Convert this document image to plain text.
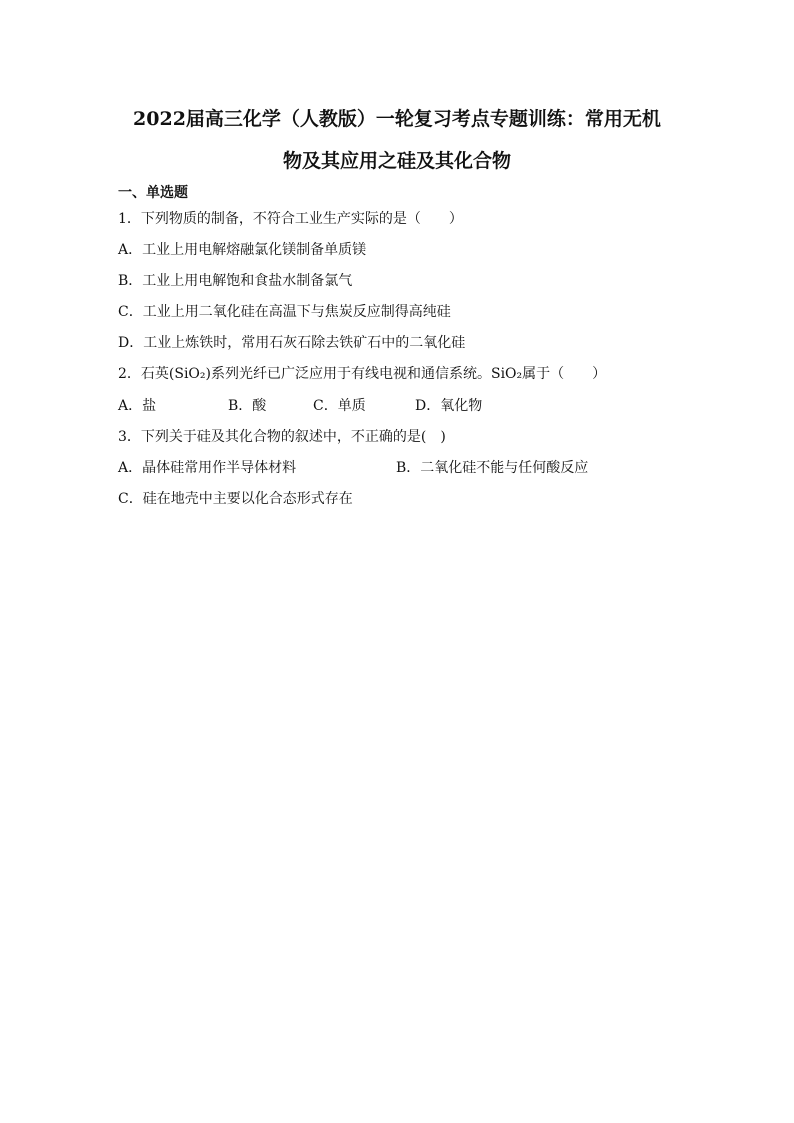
2022届高三化学（人教版）一轮复习考点专题训练：常用无机
物及其应用之硅及其化合物
一、单选题
1．下列物质的制备，不符合工业生产实际的是（　　）
A．工业上用电解熔融氯化镁制备单质镁
B．工业上用电解饱和食盐水制备氯气
C．工业上用二氧化硅在高温下与焦炭反应制得高纯硅
D．工业上炼铁时，常用石灰石除去铁矿石中的二氧化硅
2．石英(SiO₂)系列光纤已广泛应用于有线电视和通信系统。SiO₂属于（　　）
A．盐	B．酸	C．单质	D．氧化物
3．下列关于硅及其化合物的叙述中，不正确的是(　)
A．晶体硅常用作半导体材料	B．二氧化硅不能与任何酸反应
C．硅在地壳中主要以化合态形式存在
